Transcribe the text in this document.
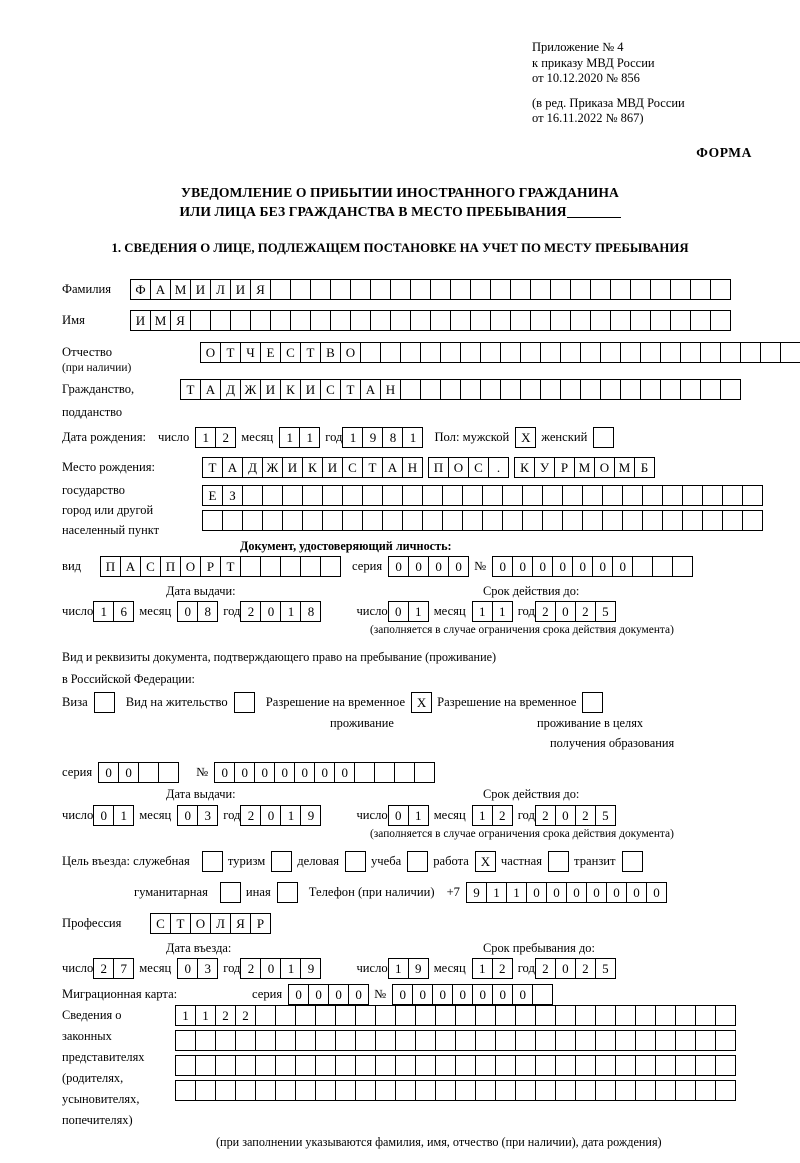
Приложение № 4
к приказу МВД России
от 10.12.2020 № 856
(в ред. Приказа МВД России
от 16.11.2022 № 867)
ФОРМА
УВЕДОМЛЕНИЕ О ПРИБЫТИИ ИНОСТРАННОГО ГРАЖДАНИНА
ИЛИ ЛИЦА БЕЗ ГРАЖДАНСТВА В МЕСТО ПРЕБЫВАНИЯ
1. СВЕДЕНИЯ О ЛИЦЕ, ПОДЛЕЖАЩЕМ ПОСТАНОВКЕ НА УЧЕТ ПО МЕСТУ ПРЕБЫВАНИЯ
Фамилия	Ф А М И Л И Я
Имя	И М Я
Отчество	О Т Ч Е С Т В О
(при наличии)
Гражданство,	Т А Д Ж И К И С Т А Н
подданство
Дата рождения: число	1	2 месяц	1	1 год 1	9	8	1	Пол: мужской X женский
Место рождения:	Т А Д Ж И К И С Т А Н	П О С	.	К У Р М О М Б
государство	Е З
город или другой
населенный пункт
Документ, удостоверяющий личность:
вид	П А С П О Р Т	серия	0	0	0	0 №	0	0	0	0	0	0	0
Дата выдачи:	Срок действия до:
число 1	6 месяц	0	8 год 2	0	1	8	число 0	1 месяц	1	1 год 2	0	2	5
(заполняется в случае ограничения срока действия документа)
Вид и реквизиты документа, подтверждающего право на пребывание (проживание)
в Российской Федерации:
Виза	Вид на жительство	Разрешение на временное X Разрешение на временное
проживание	проживание в целях
получения образования
серия	0	0	№	0	0	0	0	0	0	0
Дата выдачи:	Срок действия до:
число 0	1 месяц	0	3 год 2	0	1	9	число 0	1 месяц	1	2 год 2	0	2	5
(заполняется в случае ограничения срока действия документа)
Цель въезда: служебная	туризм	деловая	учеба	работа X частная	транзит
гуманитарная	иная	Телефон (при наличии) +7	9	1	1	0	0	0	0	0	0	0
Профессия	С Т О Л Я Р
Дата въезда:	Срок пребывания до:
число 2	7 месяц	0	3 год 2	0	1	9	число 1	9 месяц	1	2 год 2	0	2	5
Миграционная карта:	серия	0	0	0	0 №	0	0	0	0	0	0	0
Сведения о
законных
представителях
(родителях,
усыновителях,
попечителях)
1	1	2	2
(при заполнении указываются фамилия, имя, отчество (при наличии), дата рождения)
